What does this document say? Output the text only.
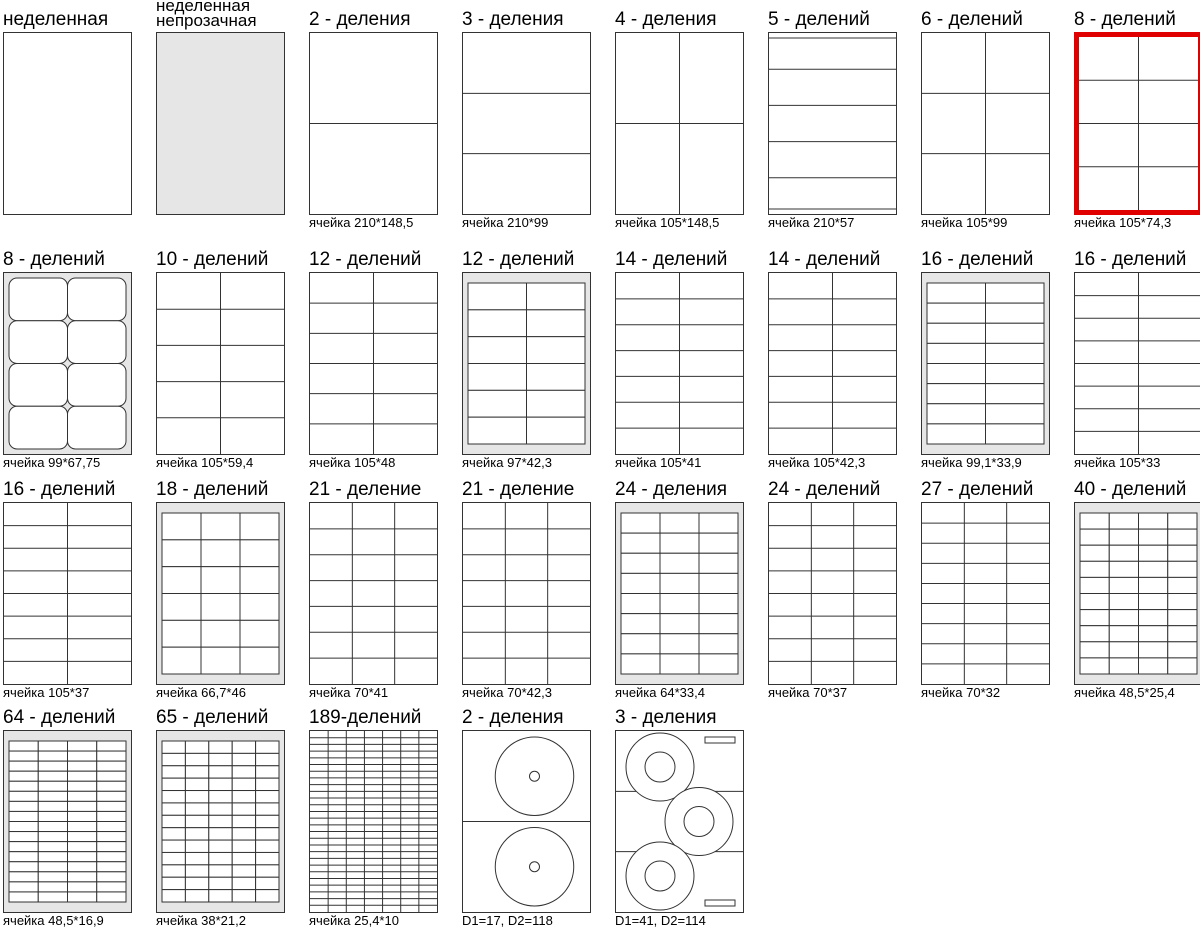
неделенная
неделенная непрозачная	2 - деления
ячейка 210*148,5
3 - деления
ячейка 210*99
4 - деления
ячейка 105*148,5
5 - делений
ячейка 210*57
6 - делений
ячейка 105*99
8 - делений
ячейка 105*74,3
8 - делений
ячейка 99*67,75
10 - делений
ячейка 105*59,4
12 - делений
ячейка 105*48
12 - делений
ячейка 97*42,3
14 - делений
ячейка 105*41
14 - делений
ячейка 105*42,3
16 - делений
ячейка 99,1*33,9
16 - делений
ячейка 105*33
16 - делений
ячейка 105*37
18 - делений
ячейка 66,7*46
21 - деление
ячейка 70*41
21 - деление
ячейка 70*42,3
24 - деления
ячейка 64*33,4
24 - делений
ячейка 70*37
27 - делений
ячейка 70*32
40 - делений
ячейка 48,5*25,4
64 - делений
ячейка 48,5*16,9
65 - делений
ячейка 38*21,2
189-делений
ячейка 25,4*10
2 - деления
D1=17, D2=118
3 - деления
D1=41, D2=114
